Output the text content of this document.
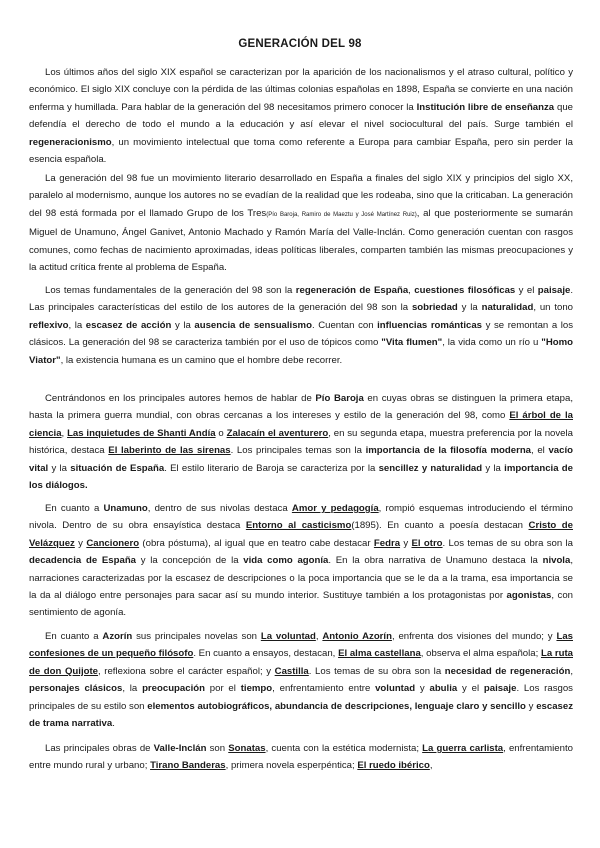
GENERACIÓN DEL 98

Los últimos años del siglo XIX español se caracterizan por la aparición de los nacionalismos y el atraso cultural, político y económico. El siglo XIX concluye con la pérdida de las últimas colonias españolas en 1898, España se convierte en una nación enferma y humillada. Para hablar de la generación del 98 necesitamos primero conocer la Institución libre de enseñanza que defendía el derecho de todo el mundo a la educación y así elevar el nivel sociocultural del país. Surge también el regeneracionismo, un movimiento intelectual que toma como referente a Europa para cambiar España, pero sin perder la esencia española.

La generación del 98 fue un movimiento literario desarrollado en España a finales del siglo XIX y principios del siglo XX, paralelo al modernismo, aunque los autores no se evadían de la realidad que les rodeaba, sino que la criticaban. La generación del 98 está formada por el llamado Grupo de los Tres(Pío Baroja, Ramiro de Maeztu y José Martínez Ruiz), al que posteriormente se sumarán Miguel de Unamuno, Ángel Ganivet, Antonio Machado y Ramón María del Valle-Inclán. Como generación cuentan con rasgos comunes, como fechas de nacimiento aproximadas, ideas políticas liberales, comparten también las mismas preocupaciones y la actitud crítica frente al problema de España.

Los temas fundamentales de la generación del 98 son la regeneración de España, cuestiones filosóficas y el paisaje. Las principales características del estilo de los autores de la generación del 98 son la sobriedad y la naturalidad, un tono reflexivo, la escasez de acción y la ausencia de sensualismo. Cuentan con influencias románticas y se remontan a los clásicos. La generación del 98 se caracteriza también por el uso de tópicos como "Vita flumen", la vida como un río u "Homo Viator", la existencia humana es un camino que el hombre debe recorrer.

Centrándonos en los principales autores hemos de hablar de Pío Baroja en cuyas obras se distinguen la primera etapa, hasta la primera guerra mundial, con obras cercanas a los intereses y estilo de la generación del 98, como El árbol de la ciencia, Las inquietudes de Shanti Andía o Zalacaín el aventurero, en su segunda etapa, muestra preferencia por la novela histórica, destaca El laberinto de las sirenas. Los principales temas son la importancia de la filosofía moderna, el vacío vital y la situación de España. El estilo literario de Baroja se caracteriza por la sencillez y naturalidad y la importancia de los diálogos.

En cuanto a Unamuno, dentro de sus nivolas destaca Amor y pedagogía, rompió esquemas introduciendo el término nivola. Dentro de su obra ensayística destaca Entorno al casticismo(1895). En cuanto a poesía destacan Cristo de Velázquez y Cancionero (obra póstuma), al igual que en teatro cabe destacar Fedra y El otro. Los temas de su obra son la decadencia de España y la concepción de la vida como agonía. En la obra narrativa de Unamuno destaca la nivola, narraciones caracterizadas por la escasez de descripciones o la poca importancia que se le da a la trama, esa importancia se la da al diálogo entre personajes para sacar así su mundo interior. Sustituye también a los protagonistas por agonistas, con sentimiento de agonía.

En cuanto a Azorín sus principales novelas son La voluntad, Antonio Azorín, enfrenta dos visiones del mundo; y Las confesiones de un pequeño filósofo. En cuanto a ensayos, destacan, El alma castellana, observa el alma española; La ruta de don Quijote, reflexiona sobre el carácter español; y Castilla. Los temas de su obra son la necesidad de regeneración, personajes clásicos, la preocupación por el tiempo, enfrentamiento entre voluntad y abulia y el paisaje. Los rasgos principales de su estilo son elementos autobiográficos, abundancia de descripciones, lenguaje claro y sencillo y escasez de trama narrativa.

Las principales obras de Valle-Inclán son Sonatas, cuenta con la estética modernista; La guerra carlista, enfrentamiento entre mundo rural y urbano; Tirano Banderas, primera novela esperpéntica; El ruedo ibérico,
